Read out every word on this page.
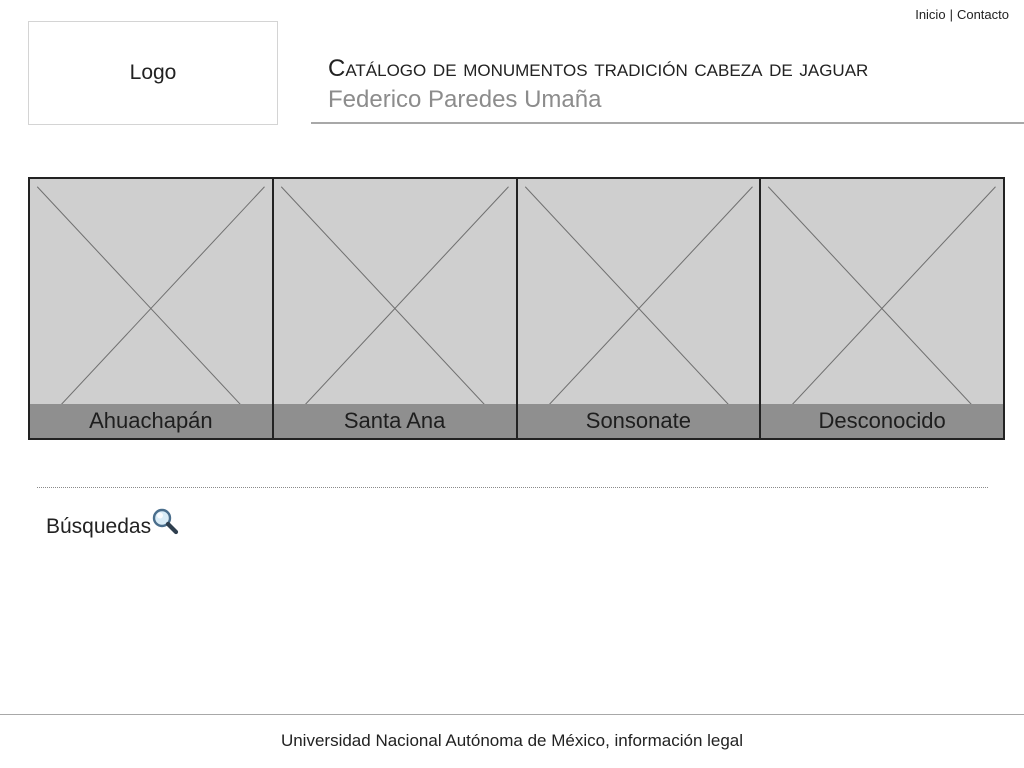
Inicio | Contacto
Logo	Catálogo de monumentos tradición cabeza de jaguar
Federico Paredes Umaña
Ahuachapán	Santa Ana	Sonsonate	Desconocido
Búsquedas
Universidad Nacional Autónoma de México, información legal
